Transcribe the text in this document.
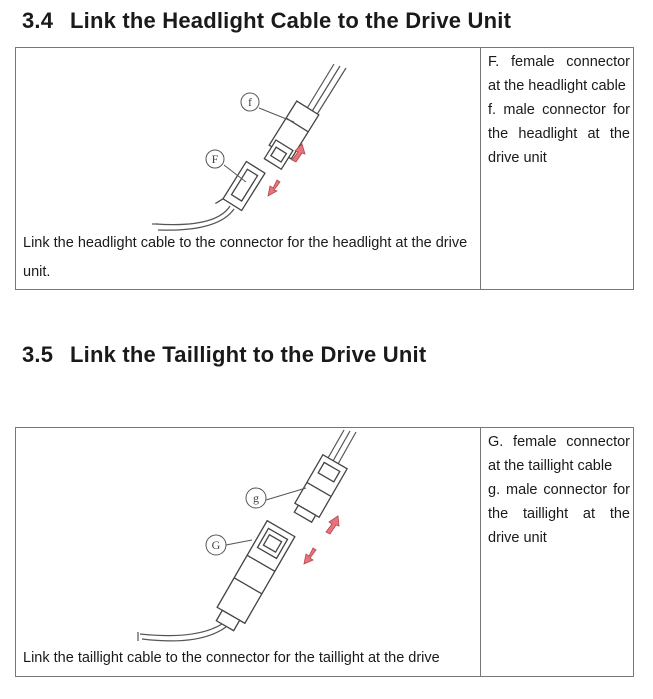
3.4 Link the Headlight Cable to the Drive Unit
f
F
Link the headlight cable to the connector for the headlight at the drive unit.

F. female connector at the headlight cable

f. male connector for the headlight at the drive unit

3.5 Link the Taillight to the Drive Unit
g
G
Link the taillight cable to the connector for the taillight at the drive

G. female connector at the taillight cable

g. male connector for the taillight at the drive unit
